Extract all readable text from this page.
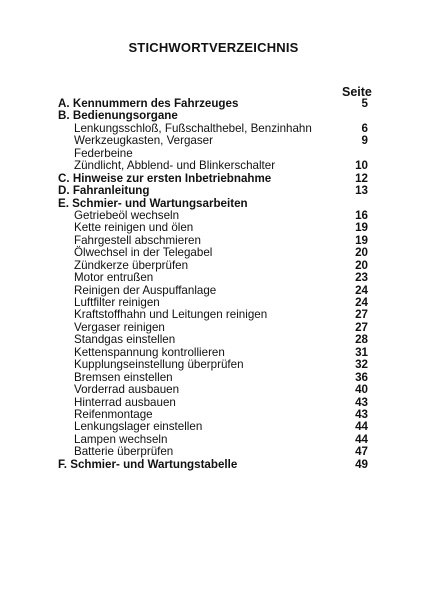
STICHWORTVERZEICHNIS
Seite
A. Kennummern des Fahrzeuges	5
B. Bedienungsorgane
Lenkungsschloß, Fußschalthebel, Benzinhahn	6
Werkzeugkasten, Vergaser	9
Federbeine
Zündlicht, Abblend- und Blinkerschalter	10
C. Hinweise zur ersten Inbetriebnahme	12
D. Fahranleitung	13
E. Schmier- und Wartungsarbeiten
Getriebeöl wechseln	16
Kette reinigen und ölen	19
Fahrgestell abschmieren	19
Ölwechsel in der Telegabel	20
Zündkerze überprüfen	20
Motor entrußen	23
Reinigen der Auspuffanlage	24
Luftfilter reinigen	24
Kraftstoffhahn und Leitungen reinigen	27
Vergaser reinigen	27
Standgas einstellen	28
Kettenspannung kontrollieren	31
Kupplungseinstellung überprüfen	32
Bremsen einstellen	36
Vorderrad ausbauen	40
Hinterrad ausbauen	43
Reifenmontage	43
Lenkungslager einstellen	44
Lampen wechseln	44
Batterie überprüfen	47
F. Schmier- und Wartungstabelle	49
